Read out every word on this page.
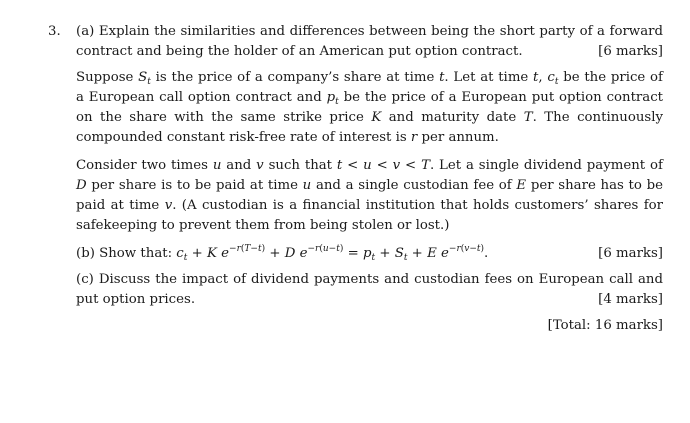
3. (a) Explain the similarities and differences between being the short party of a forward contract and being the holder of an American put option contract.	[6 marks]
Suppose $S_t$ is the price of a company’s share at time t. Let at time t, $c_t$ be the price of a European call option contract and $p_t$ be the price of a European put option contract on the share with the same strike price K and maturity date T. The continuously compounded constant risk-free rate of interest is r per annum.
Consider two times u and v such that t < u < v < T. Let a single dividend payment of D per share is to be paid at time u and a single custodian fee of E per share has to be paid at time v. (A custodian is a financial institution that holds customers’ shares for safekeeping to prevent them from being stolen or lost.)
(b) Show that: $c_t + K$ $e^{-r(T-t)} + D$ $e^{-r(u-t)} = p_t + S_t + E$ $e^{-r(v-t)}$.	[6 marks]
(c) Discuss the impact of dividend payments and custodian fees on European call and put option prices.	[4 marks]
[Total: 16 marks]
